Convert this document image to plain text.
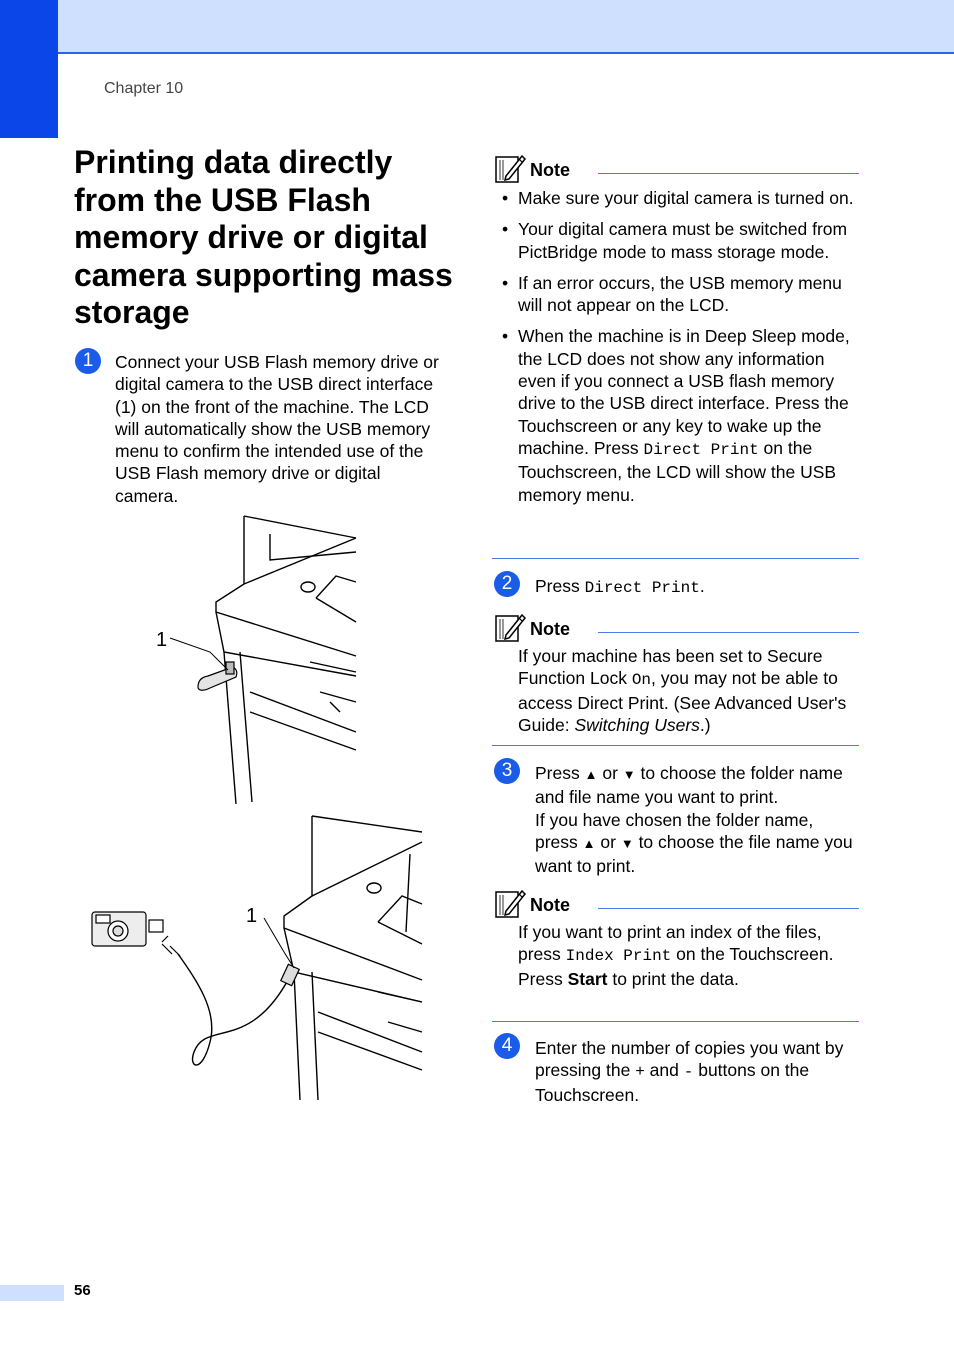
Chapter 10
Printing data directly from the USB Flash memory drive or digital camera supporting mass storage
1	Connect your USB Flash memory drive or digital camera to the USB direct interface (1) on the front of the machine. The LCD will automatically show the USB memory menu to confirm the intended use of the USB Flash memory drive or digital camera.
1
1
Note
• Make sure your digital camera is turned on.
• Your digital camera must be switched from PictBridge mode to mass storage mode.
• If an error occurs, the USB memory menu will not appear on the LCD.
• When the machine is in Deep Sleep mode, the LCD does not show any information even if you connect a USB flash memory drive to the USB direct interface. Press the Touchscreen or any key to wake up the machine. Press Direct Print on the Touchscreen, the LCD will show the USB memory menu.
2	Press Direct Print.
Note
If your machine has been set to Secure Function Lock On, you may not be able to access Direct Print. (See Advanced User's Guide: Switching Users.)
3	Press ▲ or ▼ to choose the folder name and file name you want to print.
If you have chosen the folder name, press ▲ or ▼ to choose the file name you want to print.
Note
If you want to print an index of the files, press Index Print on the Touchscreen. Press Start to print the data.
4	Enter the number of copies you want by pressing the + and - buttons on the Touchscreen.
56
